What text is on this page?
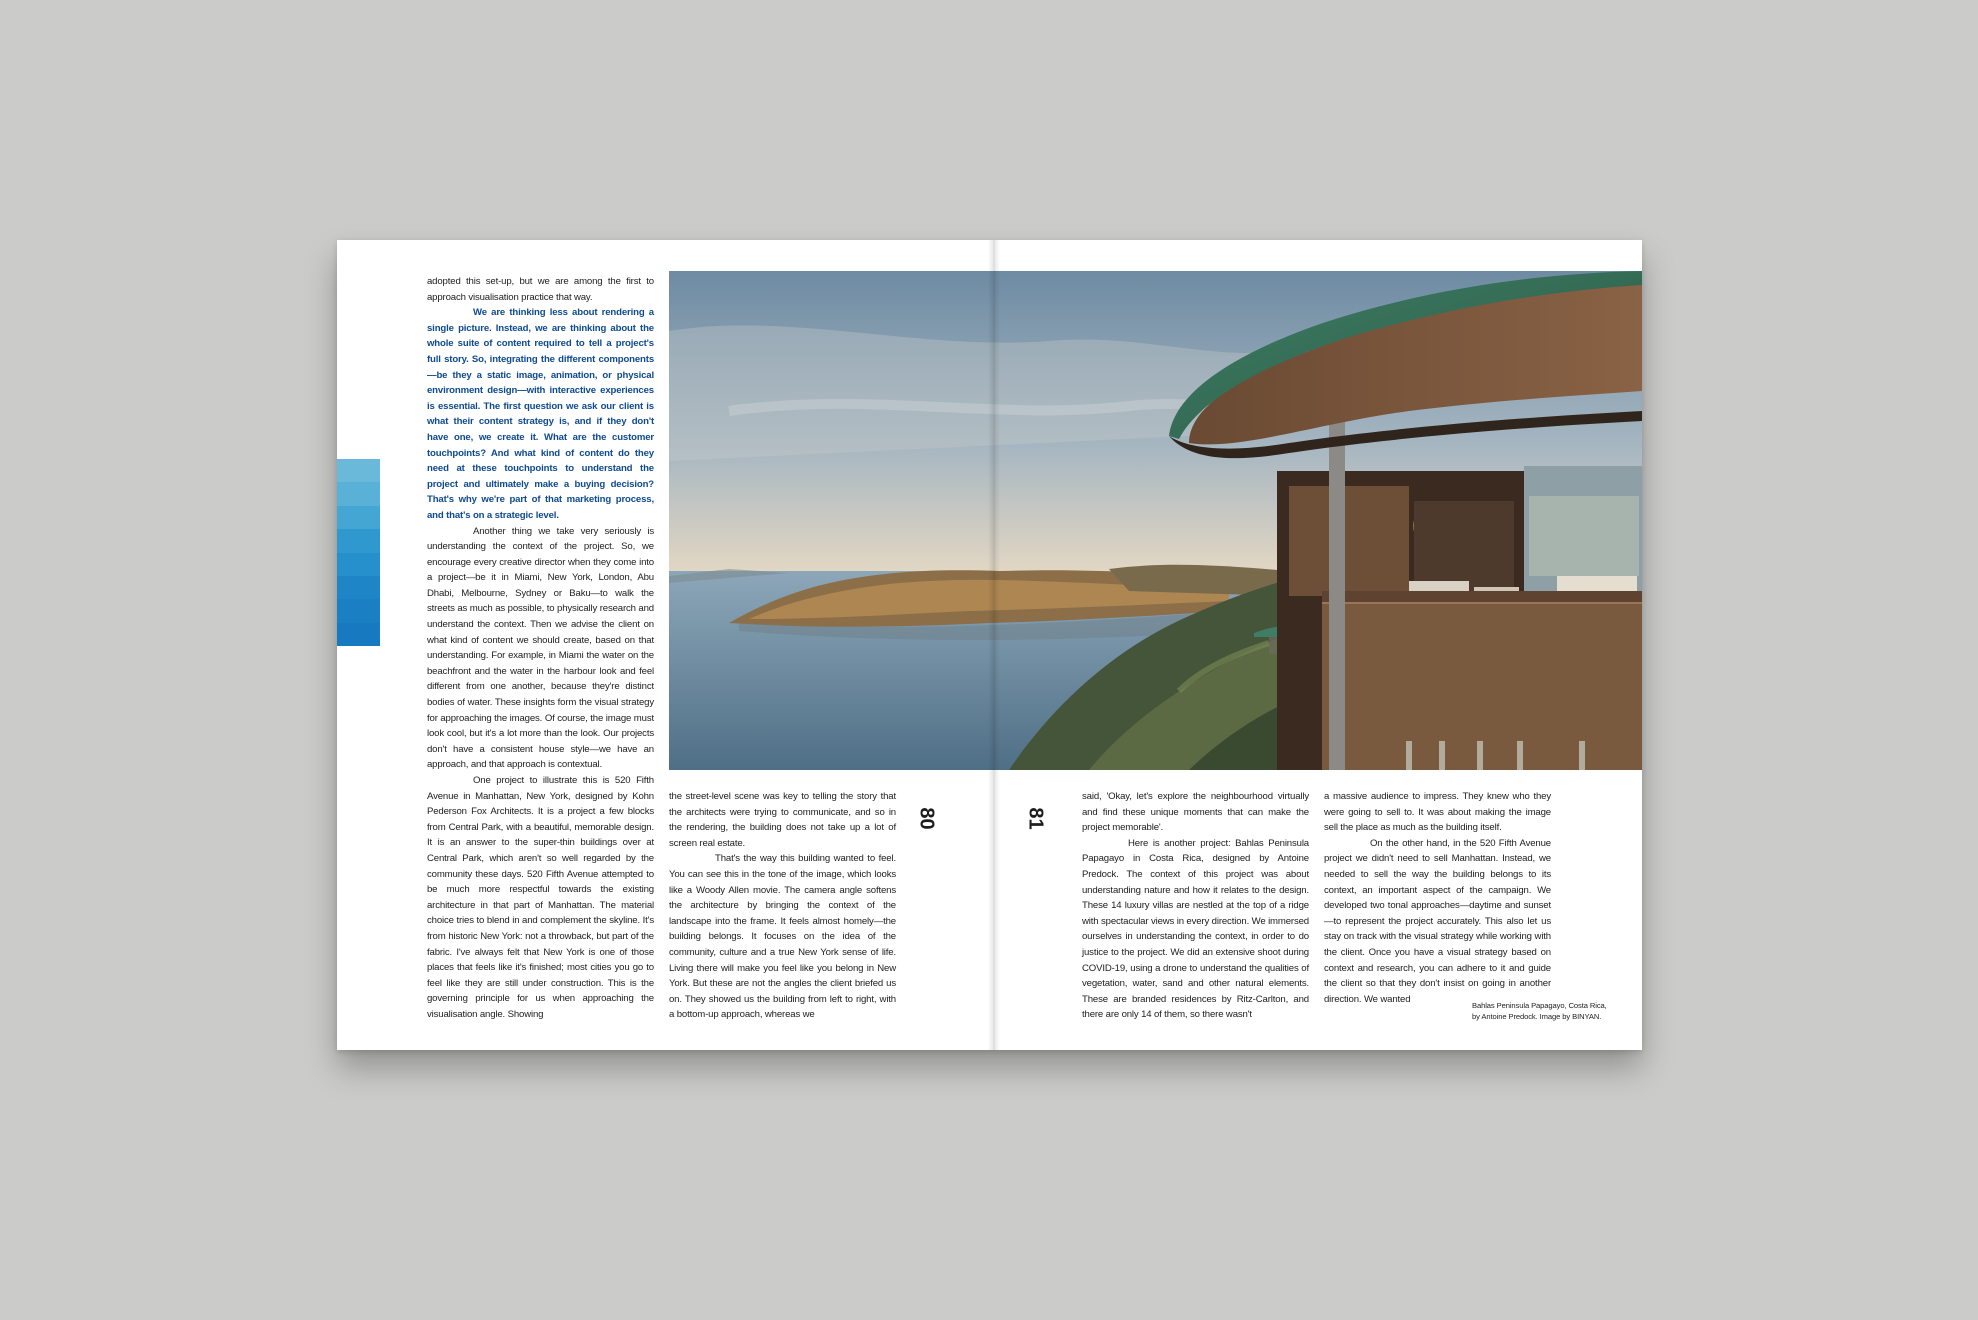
adopted this set-up, but we are among the first to approach visualisation practice that way.

We are thinking less about rendering a single picture. Instead, we are thinking about the whole suite of content required to tell a project's full story. So, integrating the different components—be they a static image, animation, or physical environment design—with interactive experiences is essential. The first question we ask our client is what their content strategy is, and if they don't have one, we create it. What are the customer touchpoints? And what kind of content do they need at these touchpoints to understand the project and ultimately make a buying decision? That's why we're part of that marketing process, and that's on a strategic level.

Another thing we take very seriously is understanding the context of the project. So, we encourage every creative director when they come into a project—be it in Miami, New York, London, Abu Dhabi, Melbourne, Sydney or Baku—to walk the streets as much as possible, to physically research and understand the context. Then we advise the client on what kind of content we should create, based on that understanding. For example, in Miami the water on the beachfront and the water in the harbour look and feel different from one another, because they're distinct bodies of water. These insights form the visual strategy for approaching the images. Of course, the image must look cool, but it's a lot more than the look. Our projects don't have a consistent house style—we have an approach, and that approach is contextual.

One project to illustrate this is 520 Fifth Avenue in Manhattan, New York, designed by Kohn Pederson Fox Architects. It is a project a few blocks from Central Park, with a beautiful, memorable design. It is an answer to the super-thin buildings over at Central Park, which aren't so well regarded by the community these days. 520 Fifth Avenue attempted to be much more respectful towards the existing architecture in that part of Manhattan. The material choice tries to blend in and complement the skyline. It's from historic New York: not a throwback, but part of the fabric. I've always felt that New York is one of those places that feels like it's finished; most cities you go to feel like they are still under construction. This is the governing principle for us when approaching the visualisation angle. Showing

the street-level scene was key to telling the story that the architects were trying to communicate, and so in the rendering, the building does not take up a lot of screen real estate.

That's the way this building wanted to feel. You can see this in the tone of the image, which looks like a Woody Allen movie. The camera angle softens the architecture by bringing the context of the landscape into the frame. It feels almost homely—the building belongs. It focuses on the idea of the community, culture and a true New York sense of life. Living there will make you feel like you belong in New York. But these are not the angles the client briefed us on. They showed us the building from left to right, with a bottom-up approach, whereas we

80	81

said, 'Okay, let's explore the neighbourhood virtually and find these unique moments that can make the project memorable'.

Here is another project: Bahlas Peninsula Papagayo in Costa Rica, designed by Antoine Predock. The context of this project was about understanding nature and how it relates to the design. These 14 luxury villas are nestled at the top of a ridge with spectacular views in every direction. We immersed ourselves in understanding the context, in order to do justice to the project. We did an extensive shoot during COVID-19, using a drone to understand the qualities of vegetation, water, sand and other natural elements. These are branded residences by Ritz-Carlton, and there are only 14 of them, so there wasn't

a massive audience to impress. They knew who they were going to sell to. It was about making the image sell the place as much as the building itself.

On the other hand, in the 520 Fifth Avenue project we didn't need to sell Manhattan. Instead, we needed to sell the way the building belongs to its context, an important aspect of the campaign. We developed two tonal approaches—daytime and sunset—to represent the project accurately. This also let us stay on track with the visual strategy while working with the client. Once you have a visual strategy based on context and research, you can adhere to it and guide the client so that they don't insist on going in another direction. We wanted

Bahlas Peninsula Papagayo, Costa Rica, by Antoine Predock. Image by BINYAN.
